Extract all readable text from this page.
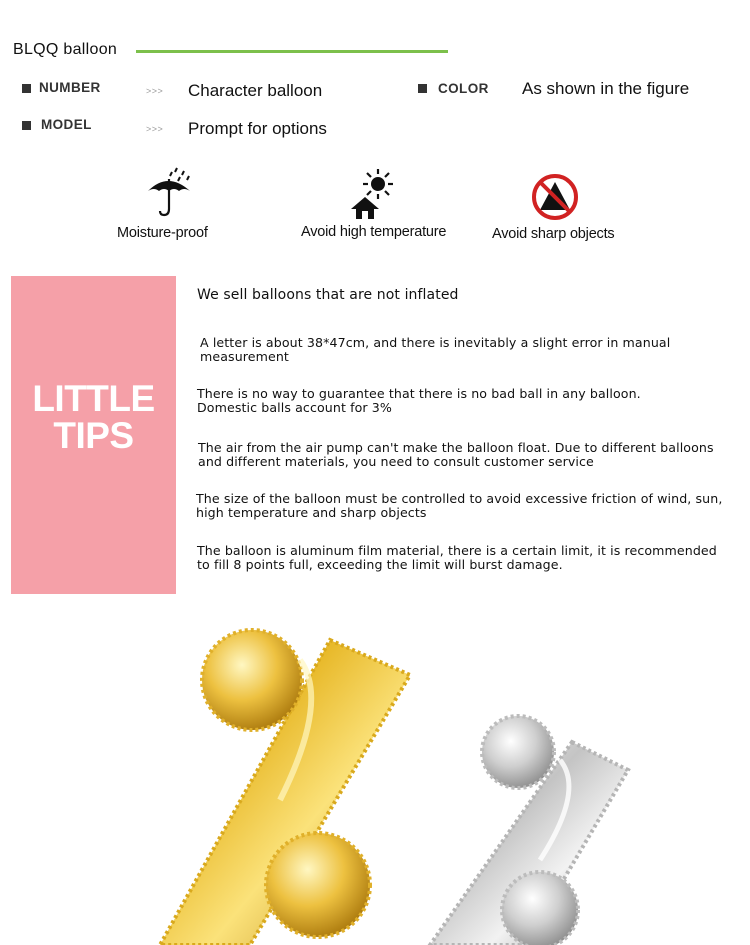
BLQQ balloon
NUMBER	>>> Character balloon	COLOR As shown in the figure
MODEL	>>> Prompt for options
Moisture-proof	Avoid high temperature	Avoid sharp objects
LITTLE
TIPS
We sell balloons that are not inflated
A letter is about 38*47cm, and there is inevitably a slight error in manual measurement
There is no way to guarantee that there is no bad ball in any balloon. Domestic balls account for 3%
The air from the air pump can't make the balloon float. Due to different balloons and different materials, you need to consult customer service
The size of the balloon must be controlled to avoid excessive friction of wind, sun, high temperature and sharp objects
The balloon is aluminum film material, there is a certain limit, it is recommended to fill 8 points full, exceeding the limit will burst damage.
